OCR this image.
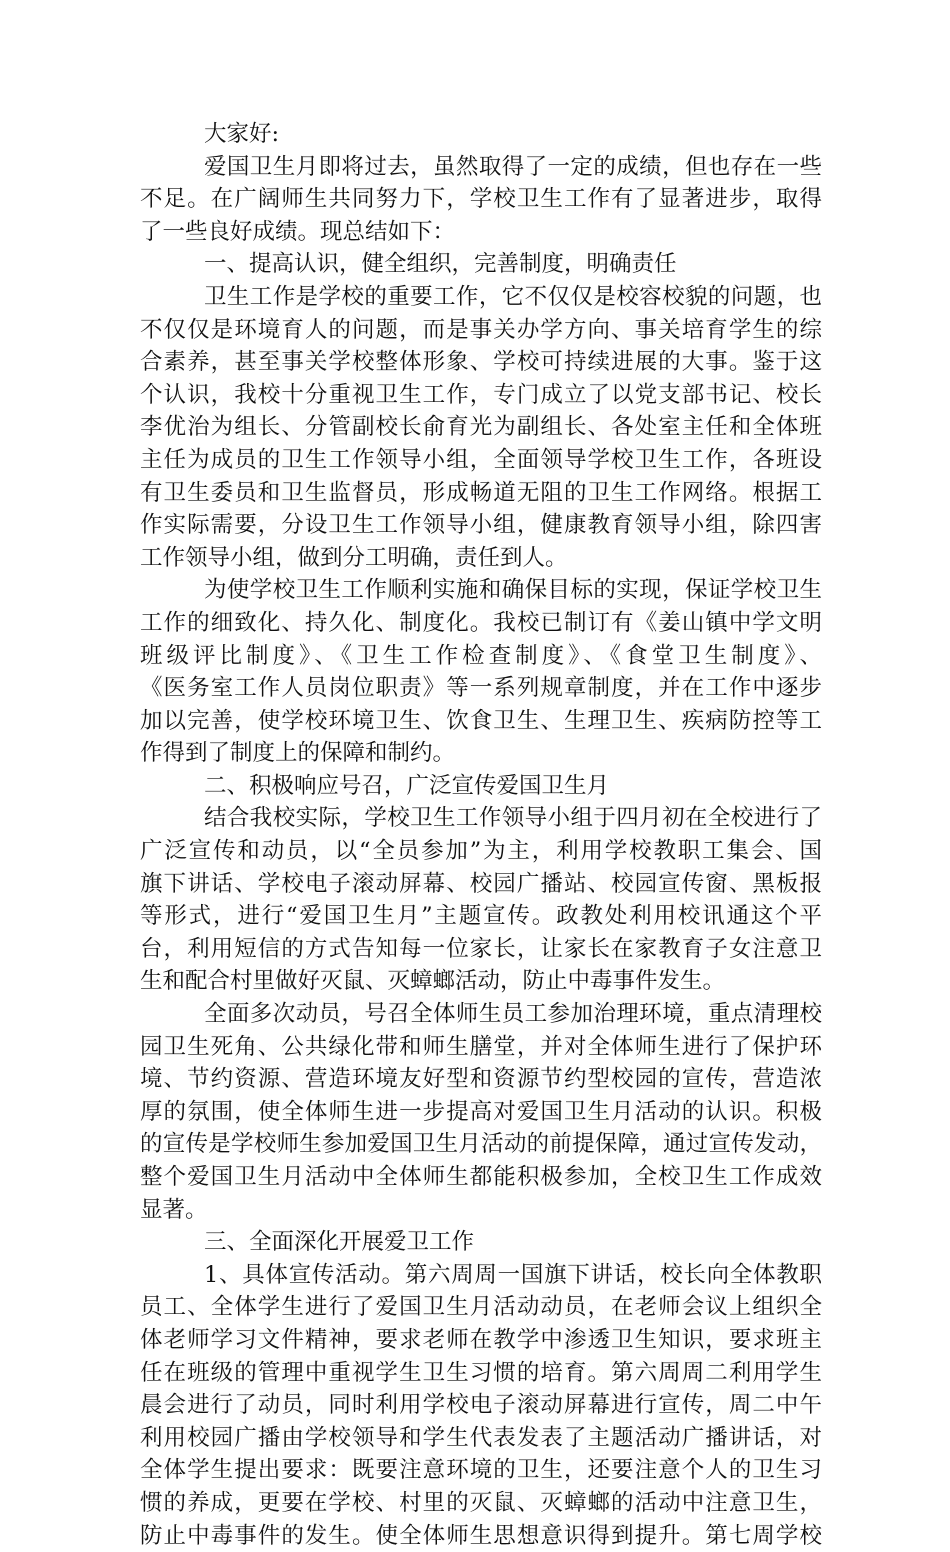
大家好:
爱国卫生月即将过去，虽然取得了一定的成绩，但也存在一些
不足。在广阔师生共同努力下，学校卫生工作有了显著进步，取得
了一些良好成绩。现总结如下：
一、提高认识，健全组织，完善制度，明确责任
卫生工作是学校的重要工作，它不仅仅是校容校貌的问题，也
不仅仅是环境育人的问题，而是事关办学方向、事关培育学生的综
合素养，甚至事关学校整体形象、学校可持续进展的大事。鉴于这
个认识，我校十分重视卫生工作，专门成立了以党支部书记、校长
李优治为组长、分管副校长俞育光为副组长、各处室主任和全体班
主任为成员的卫生工作领导小组，全面领导学校卫生工作，各班设
有卫生委员和卫生监督员，形成畅道无阻的卫生工作网络。根据工
作实际需要，分设卫生工作领导小组，健康教育领导小组，除四害
工作领导小组，做到分工明确，责任到人。
为使学校卫生工作顺利实施和确保目标的实现，保证学校卫生
工作的细致化、持久化、制度化。我校已制订有《姜山镇中学文明
班级评比制度》、《卫生工作检查制度》、《食堂卫生制度》、
《医务室工作人员岗位职责》等一系列规章制度，并在工作中逐步
加以完善，使学校环境卫生、饮食卫生、生理卫生、疾病防控等工
作得到了制度上的保障和制约。
二、积极响应号召，广泛宣传爱国卫生月
结合我校实际，学校卫生工作领导小组于四月初在全校进行了
广泛宣传和动员，以“全员参加”为主，利用学校教职工集会、国
旗下讲话、学校电子滚动屏幕、校园广播站、校园宣传窗、黑板报
等形式，进行“爱国卫生月”主题宣传。政教处利用校讯通这个平
台，利用短信的方式告知每一位家长，让家长在家教育子女注意卫
生和配合村里做好灭鼠、灭蟑螂活动，防止中毒事件发生。
全面多次动员，号召全体师生员工参加治理环境，重点清理校
园卫生死角、公共绿化带和师生膳堂，并对全体师生进行了保护环
境、节约资源、营造环境友好型和资源节约型校园的宣传，营造浓
厚的氛围，使全体师生进一步提高对爱国卫生月活动的认识。积极
的宣传是学校师生参加爱国卫生月活动的前提保障，通过宣传发动，
整个爱国卫生月活动中全体师生都能积极参加，全校卫生工作成效
显著。
三、全面深化开展爱卫工作
1、具体宣传活动。第六周周一国旗下讲话，校长向全体教职
员工、全体学生进行了爱国卫生月活动动员，在老师会议上组织全
体老师学习文件精神，要求老师在教学中渗透卫生知识，要求班主
任在班级的管理中重视学生卫生习惯的培育。第六周周二利用学生
晨会进行了动员，同时利用学校电子滚动屏幕进行宣传，周二中午
利用校园广播由学校领导和学生代表发表了主题活动广播讲话，对
全体学生提出要求：既要注意环境的卫生，还要注意个人的卫生习
惯的养成，更要在学校、村里的灭鼠、灭蟑螂的活动中注意卫生，
防止中毒事件的发生。使全体师生思想意识得到提升。第七周学校
